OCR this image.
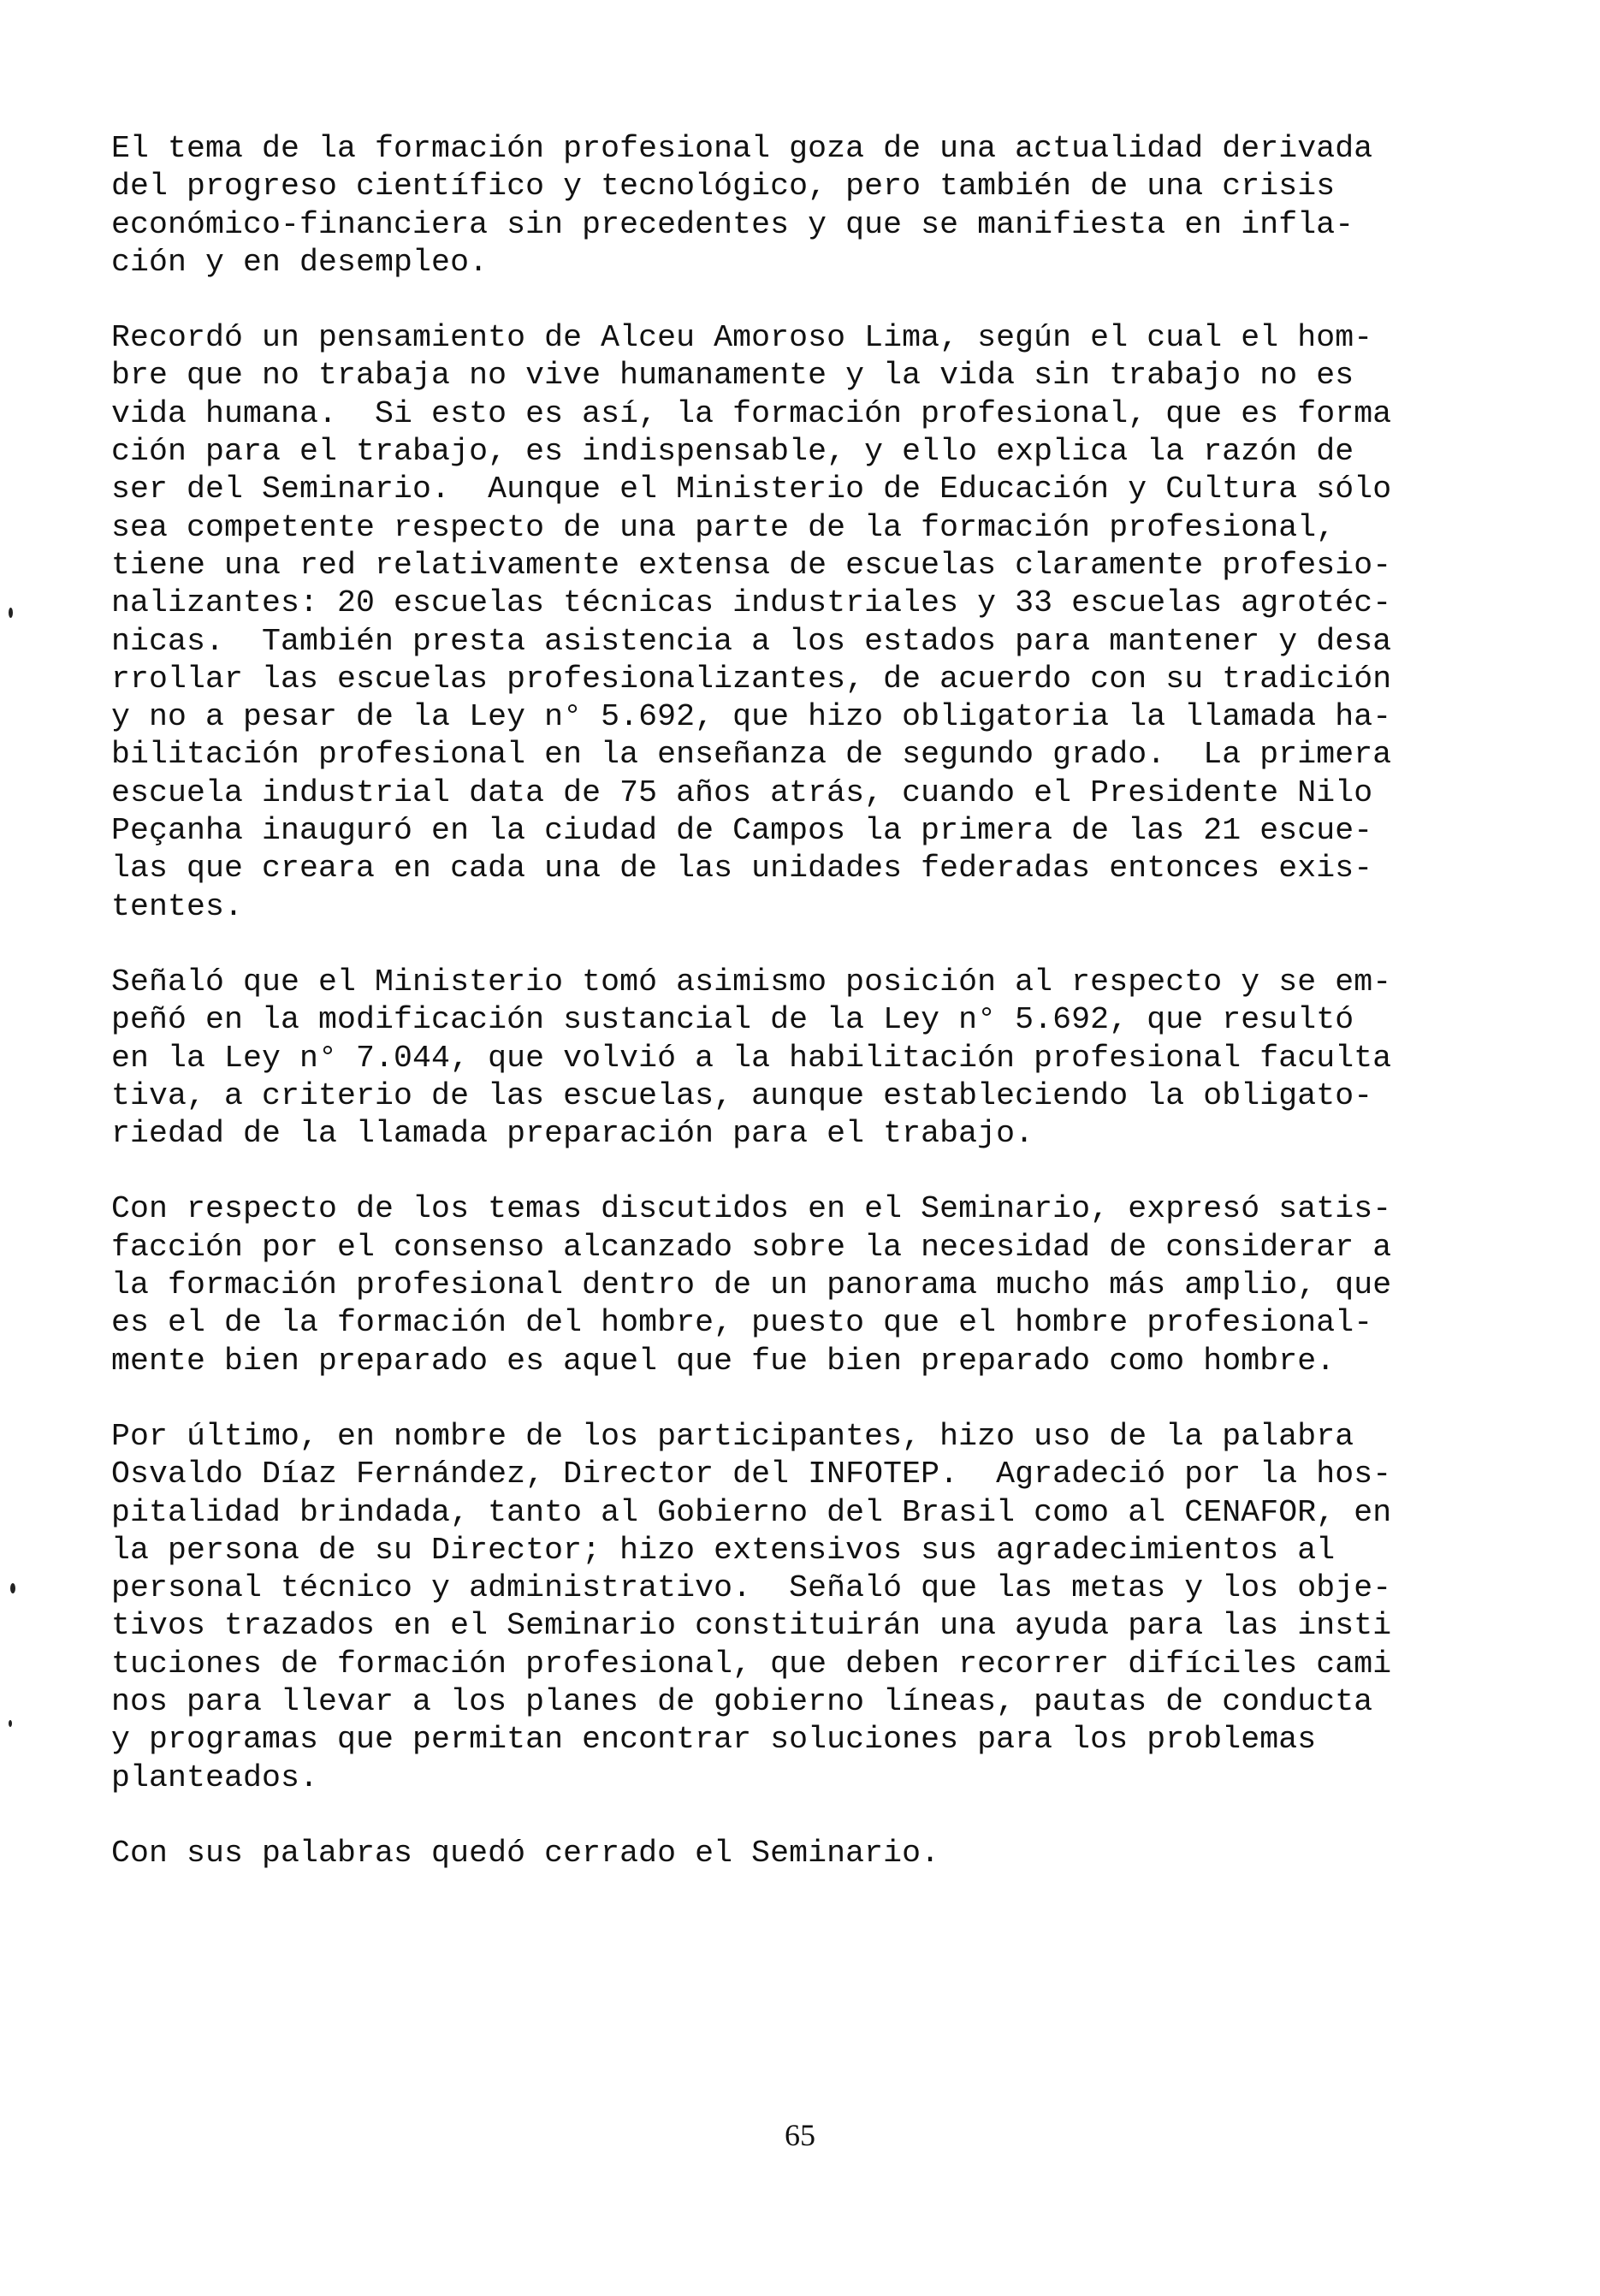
El tema de la formación profesional goza de una actualidad derivada
del progreso científico y tecnológico, pero también de una crisis
económico-financiera sin precedentes y que se manifiesta en infla-
ción y en desempleo.
Recordó un pensamiento de Alceu Amoroso Lima, según el cual el hom-
bre que no trabaja no vive humanamente y la vida sin trabajo no es
vida humana.  Si esto es así, la formación profesional, que es forma
ción para el trabajo, es indispensable, y ello explica la razón de
ser del Seminario.  Aunque el Ministerio de Educación y Cultura sólo
sea competente respecto de una parte de la formación profesional,
tiene una red relativamente extensa de escuelas claramente profesio-
nalizantes: 20 escuelas técnicas industriales y 33 escuelas agrotéc-
nicas.  También presta asistencia a los estados para mantener y desa
rrollar las escuelas profesionalizantes, de acuerdo con su tradición
y no a pesar de la Ley n° 5.692, que hizo obligatoria la llamada ha-
bilitación profesional en la enseñanza de segundo grado.  La primera
escuela industrial data de 75 años atrás, cuando el Presidente Nilo
Peçanha inauguró en la ciudad de Campos la primera de las 21 escue-
las que creara en cada una de las unidades federadas entonces exis-
tentes.
Señaló que el Ministerio tomó asimismo posición al respecto y se em-
peñó en la modificación sustancial de la Ley n° 5.692, que resultó
en la Ley n° 7.044, que volvió a la habilitación profesional faculta
tiva, a criterio de las escuelas, aunque estableciendo la obligato-
riedad de la llamada preparación para el trabajo.
Con respecto de los temas discutidos en el Seminario, expresó satis-
facción por el consenso alcanzado sobre la necesidad de considerar a
la formación profesional dentro de un panorama mucho más amplio, que
es el de la formación del hombre, puesto que el hombre profesional-
mente bien preparado es aquel que fue bien preparado como hombre.
Por último, en nombre de los participantes, hizo uso de la palabra
Osvaldo Díaz Fernández, Director del INFOTEP.  Agradeció por la hos-
pitalidad brindada, tanto al Gobierno del Brasil como al CENAFOR, en
la persona de su Director; hizo extensivos sus agradecimientos al
personal técnico y administrativo.  Señaló que las metas y los obje-
tivos trazados en el Seminario constituirán una ayuda para las insti
tuciones de formación profesional, que deben recorrer difíciles cami
nos para llevar a los planes de gobierno líneas, pautas de conducta
y programas que permitan encontrar soluciones para los problemas
planteados.
Con sus palabras quedó cerrado el Seminario.
65
